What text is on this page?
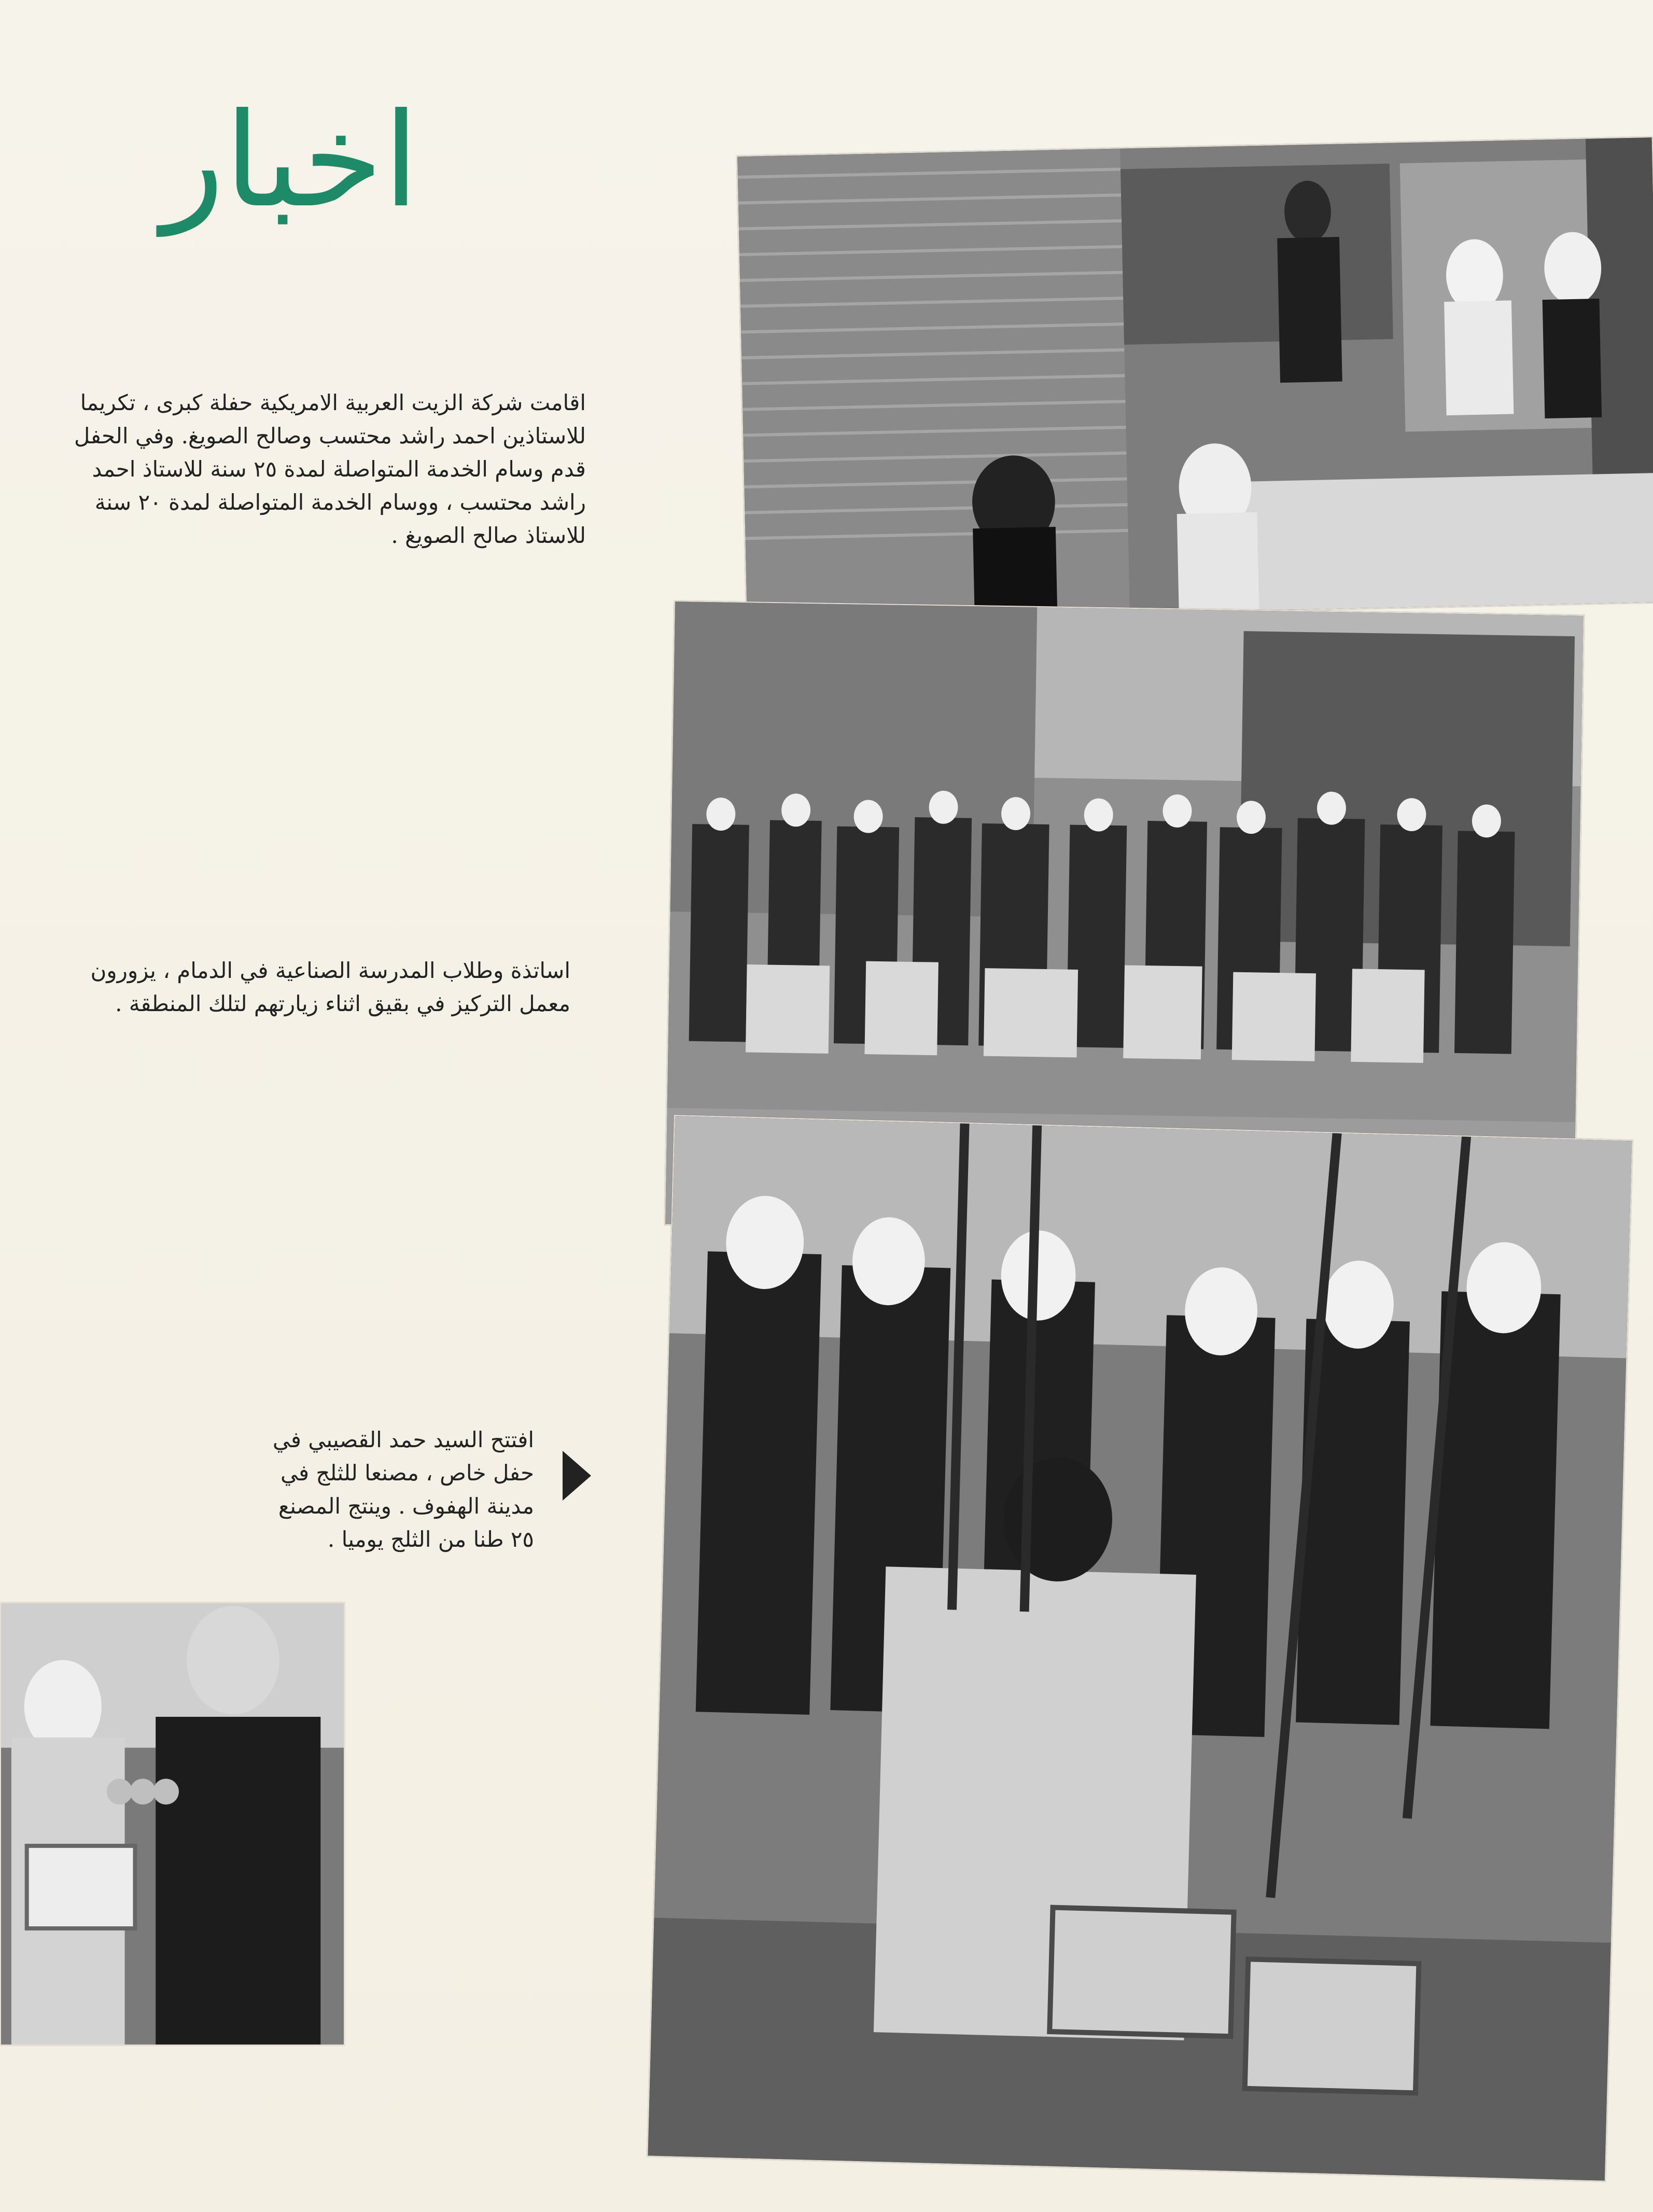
اخبار
اقامت شركة الزيت العربية الامريكية حفلة كبرى ، تكريما للاستاذين احمد راشد محتسب وصالح الصويغ. وفي الحفل قدم وسام الخدمة المتواصلة لمدة ٢٥ سنة للاستاذ احمد راشد محتسب ، ووسام الخدمة المتواصلة لمدة ٢٠ سنة للاستاذ صالح الصويغ .
اساتذة وطلاب المدرسة الصناعية في الدمام ، يزورون معمل التركيز في بقيق اثناء زيارتهم لتلك المنطقة .
افتتح السيد حمد القصيبي في حفل خاص ، مصنعا للثلج في مدينة الهفوف . وينتج المصنع ٢٥ طنا من الثلج يوميا .
